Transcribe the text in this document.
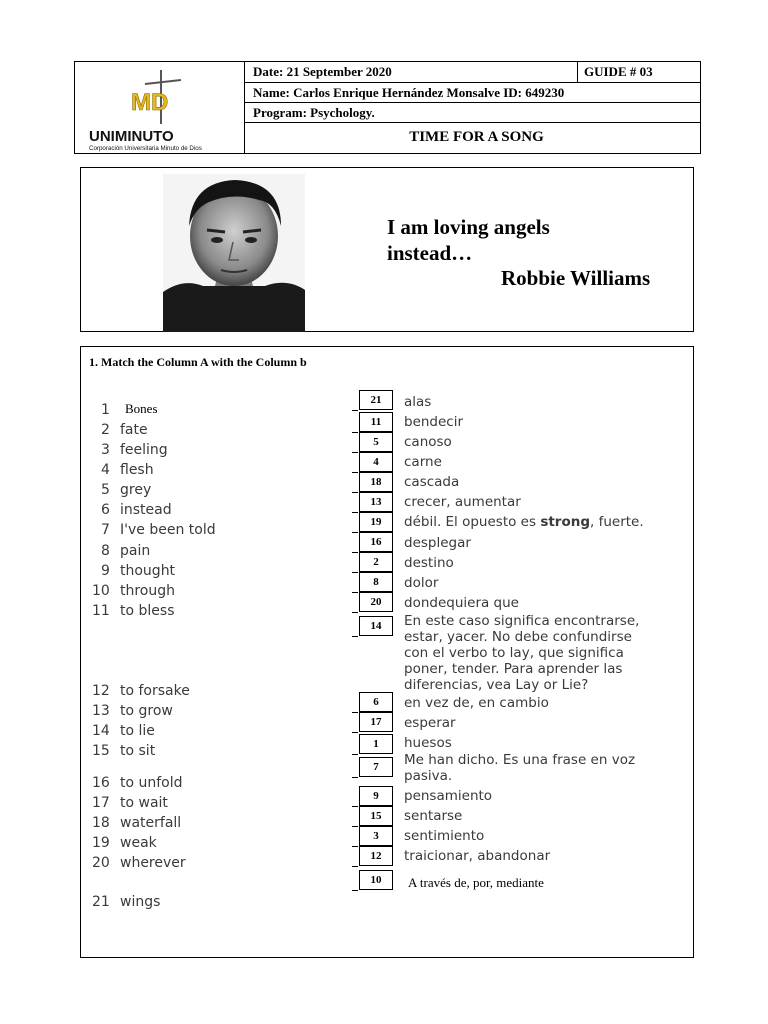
MD
UNIMINUTO
Corporación Universitaria Minuto de Dios
Date: 21 September 2020	GUIDE # 03
Name: Carlos Enrique Hernández Monsalve ID: 649230
Program: Psychology.
TIME FOR A SONG
I am loving angels
instead…
Robbie Williams
1. Match the Column A with the Column b
1 Bones
2 fate
3 feeling
4 flesh
5 grey
6 instead
7 I've been told
8 pain
9 thought
10 through
11 to bless
12 to forsake
13 to grow
14 to lie
15 to sit
16 to unfold
17 to wait
18 waterfall
19 weak
20 wherever
21 wings
21
11
5
4
18
13
19
16
2
8
20
14
6
17
1
7
9
15
3
12
10
alas
bendecir
canoso
carne
cascada
crecer, aumentar
débil. El opuesto es strong, fuerte.
desplegar
destino
dolor
dondequiera que
En este caso significa encontrarse,
estar, yacer. No debe confundirse
con el verbo to lay, que significa
poner, tender. Para aprender las
diferencias, vea Lay or Lie?
en vez de, en cambio
esperar
huesos
Me han dicho. Es una frase en voz
pasiva.
pensamiento
sentarse
sentimiento
traicionar, abandonar
A través de, por, mediante
